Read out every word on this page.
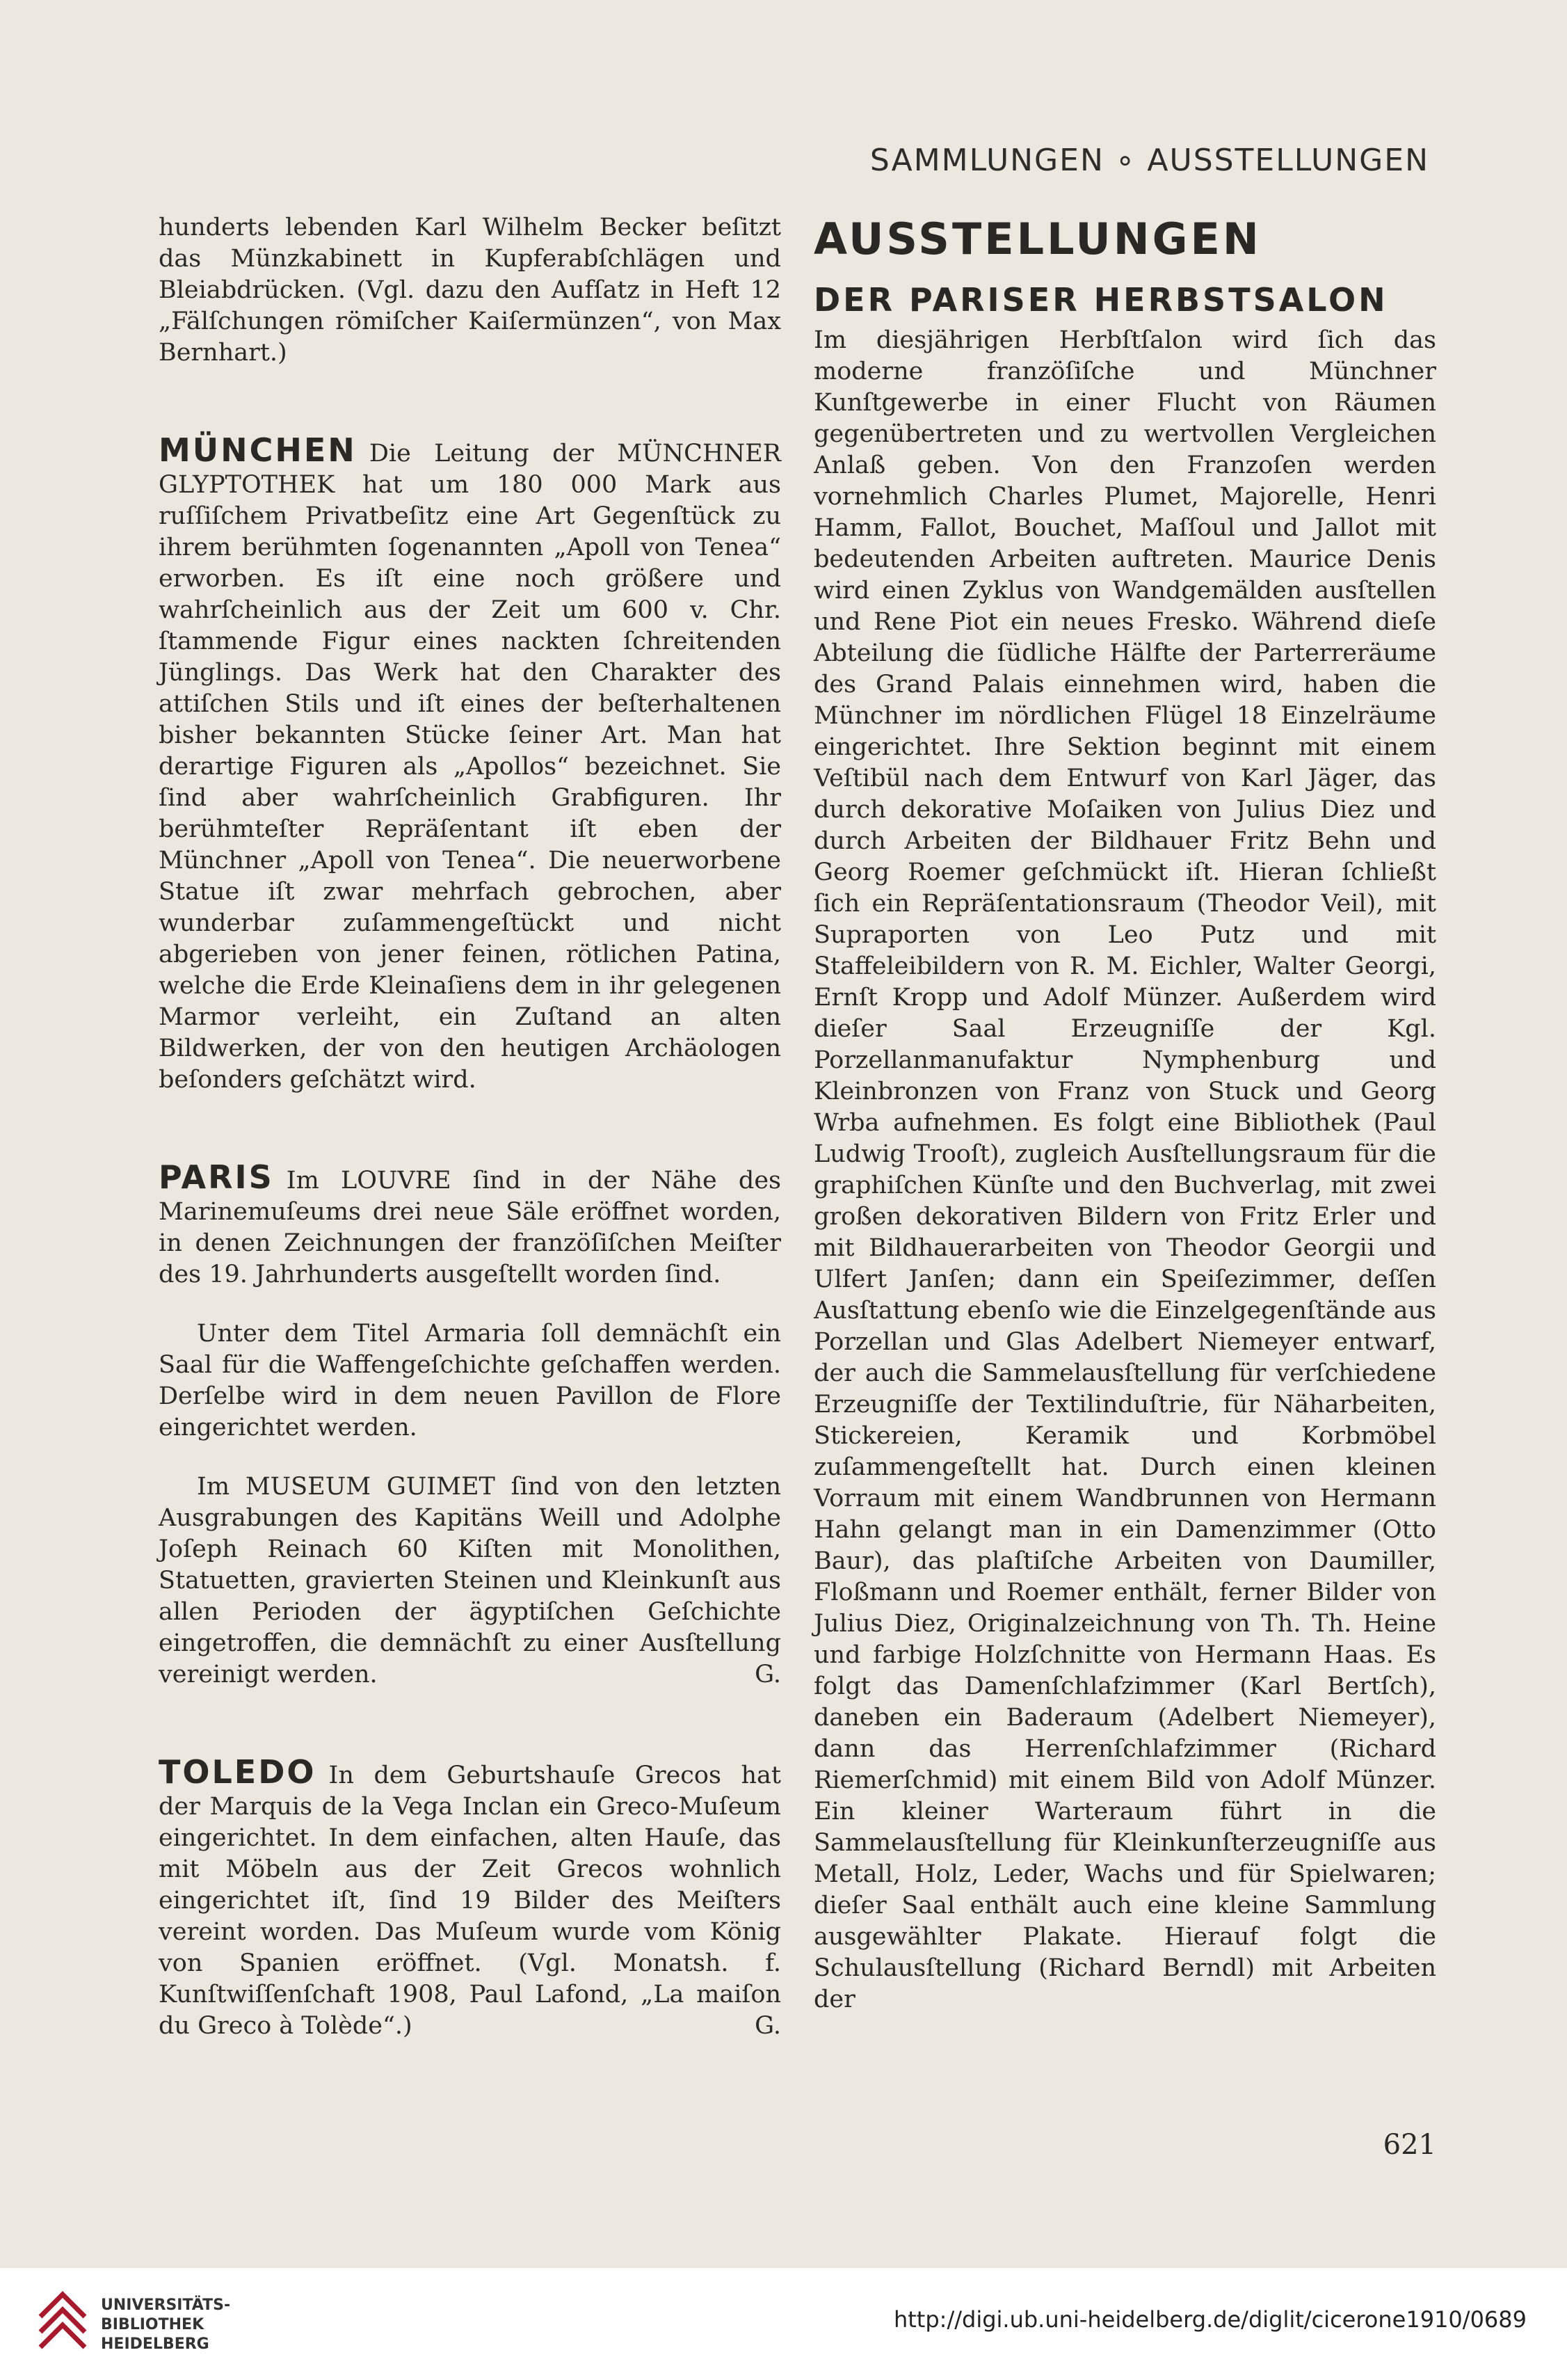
SAMMLUNGEN ∘ AUSSTELLUNGEN

hunderts lebenden Karl Wilhelm Becker beſitzt das Münzkabinett in Kupferabſchlägen und Bleiabdrücken. (Vgl. dazu den Aufſatz in Heft 12 „Fälſchungen römiſcher Kaiſermünzen“, von Max Bernhart.)

MÜNCHEN Die Leitung der MÜNCHNER GLYPTOTHEK hat um 180 000 Mark aus ruſſiſchem Privatbeſitz eine Art Gegenſtück zu ihrem berühmten ſogenannten „Apoll von Tenea“ erworben. Es iſt eine noch größere und wahrſcheinlich aus der Zeit um 600 v. Chr. ſtammende Figur eines nackten ſchreitenden Jünglings. Das Werk hat den Charakter des attiſchen Stils und iſt eines der beſterhaltenen bisher bekannten Stücke ſeiner Art. Man hat derartige Figuren als „Apollos“ bezeichnet. Sie ſind aber wahrſcheinlich Grabfiguren. Ihr berühmteſter Repräſentant iſt eben der Münchner „Apoll von Tenea“. Die neuerworbene Statue iſt zwar mehrfach gebrochen, aber wunderbar zuſammengeſtückt und nicht abgerieben von jener feinen, rötlichen Patina, welche die Erde Kleinaſiens dem in ihr gelegenen Marmor verleiht, ein Zuſtand an alten Bildwerken, der von den heutigen Archäologen beſonders geſchätzt wird.

PARIS Im LOUVRE ſind in der Nähe des Marinemuſeums drei neue Säle eröffnet worden, in denen Zeichnungen der franzöſiſchen Meiſter des 19. Jahrhunderts ausgeſtellt worden ſind.

Unter dem Titel Armaria ſoll demnächſt ein Saal für die Waffengeſchichte geſchaffen werden. Derſelbe wird in dem neuen Pavillon de Flore eingerichtet werden.

Im MUSEUM GUIMET ſind von den letzten Ausgrabungen des Kapitäns Weill und Adolphe Joſeph Reinach 60 Kiſten mit Monolithen, Statuetten, gravierten Steinen und Kleinkunſt aus allen Perioden der ägyptiſchen Geſchichte eingetroffen, die demnächſt zu einer Ausſtellung vereinigt werden.	G.

TOLEDO In dem Geburtshauſe Grecos hat der Marquis de la Vega Inclan ein Greco-Muſeum eingerichtet. In dem einfachen, alten Hauſe, das mit Möbeln aus der Zeit Grecos wohnlich eingerichtet iſt, ſind 19 Bilder des Meiſters vereint worden. Das Muſeum wurde vom König von Spanien eröffnet. (Vgl. Monatsh. f. Kunſtwiſſenſchaft 1908, Paul Lafond, „La maiſon du Greco à Tolède“.)	G.

AUSSTELLUNGEN
DER PARISER HERBSTSALON

Im diesjährigen Herbſtſalon wird ſich das moderne franzöſiſche und Münchner Kunſtgewerbe in einer Flucht von Räumen gegenübertreten und zu wertvollen Vergleichen Anlaß geben. Von den Franzoſen werden vornehmlich Charles Plumet, Majorelle, Henri Hamm, Fallot, Bouchet, Maſſoul und Jallot mit bedeutenden Arbeiten auftreten. Maurice Denis wird einen Zyklus von Wandgemälden ausſtellen und Rene Piot ein neues Fresko. Während dieſe Abteilung die ſüdliche Hälfte der Parterreräume des Grand Palais einnehmen wird, haben die Münchner im nördlichen Flügel 18 Einzelräume eingerichtet. Ihre Sektion beginnt mit einem Veſtibül nach dem Entwurf von Karl Jäger, das durch dekorative Moſaiken von Julius Diez und durch Arbeiten der Bildhauer Fritz Behn und Georg Roemer geſchmückt iſt. Hieran ſchließt ſich ein Repräſentationsraum (Theodor Veil), mit Supraporten von Leo Putz und mit Staffeleibildern von R. M. Eichler, Walter Georgi, Ernſt Kropp und Adolf Münzer. Außerdem wird dieſer Saal Erzeugniſſe der Kgl. Porzellanmanufaktur Nymphenburg und Kleinbronzen von Franz von Stuck und Georg Wrba aufnehmen. Es folgt eine Bibliothek (Paul Ludwig Trooſt), zugleich Ausſtellungsraum für die graphiſchen Künſte und den Buchverlag, mit zwei großen dekorativen Bildern von Fritz Erler und mit Bildhauerarbeiten von Theodor Georgii und Ulfert Janſen; dann ein Speiſezimmer, deſſen Ausſtattung ebenſo wie die Einzelgegenſtände aus Porzellan und Glas Adelbert Niemeyer entwarf, der auch die Sammelausſtellung für verſchiedene Erzeugniſſe der Textilinduſtrie, für Näharbeiten, Stickereien, Keramik und Korbmöbel zuſammengeſtellt hat. Durch einen kleinen Vorraum mit einem Wandbrunnen von Hermann Hahn gelangt man in ein Damenzimmer (Otto Baur), das plaſtiſche Arbeiten von Daumiller, Floßmann und Roemer enthält, ferner Bilder von Julius Diez, Originalzeichnung von Th. Th. Heine und farbige Holzſchnitte von Hermann Haas. Es folgt das Damenſchlafzimmer (Karl Bertſch), daneben ein Baderaum (Adelbert Niemeyer), dann das Herrenſchlafzimmer (Richard Riemerſchmid) mit einem Bild von Adolf Münzer. Ein kleiner Warteraum führt in die Sammelausſtellung für Kleinkunſterzeugniſſe aus Metall, Holz, Leder, Wachs und für Spielwaren; dieſer Saal enthält auch eine kleine Sammlung ausgewählter Plakate. Hierauf folgt die Schulausſtellung (Richard Berndl) mit Arbeiten der

621
UNIVERSITÄTS-
BIBLIOTHEK
HEIDELBERG
http://digi.ub.uni-heidelberg.de/diglit/cicerone1910/0689
